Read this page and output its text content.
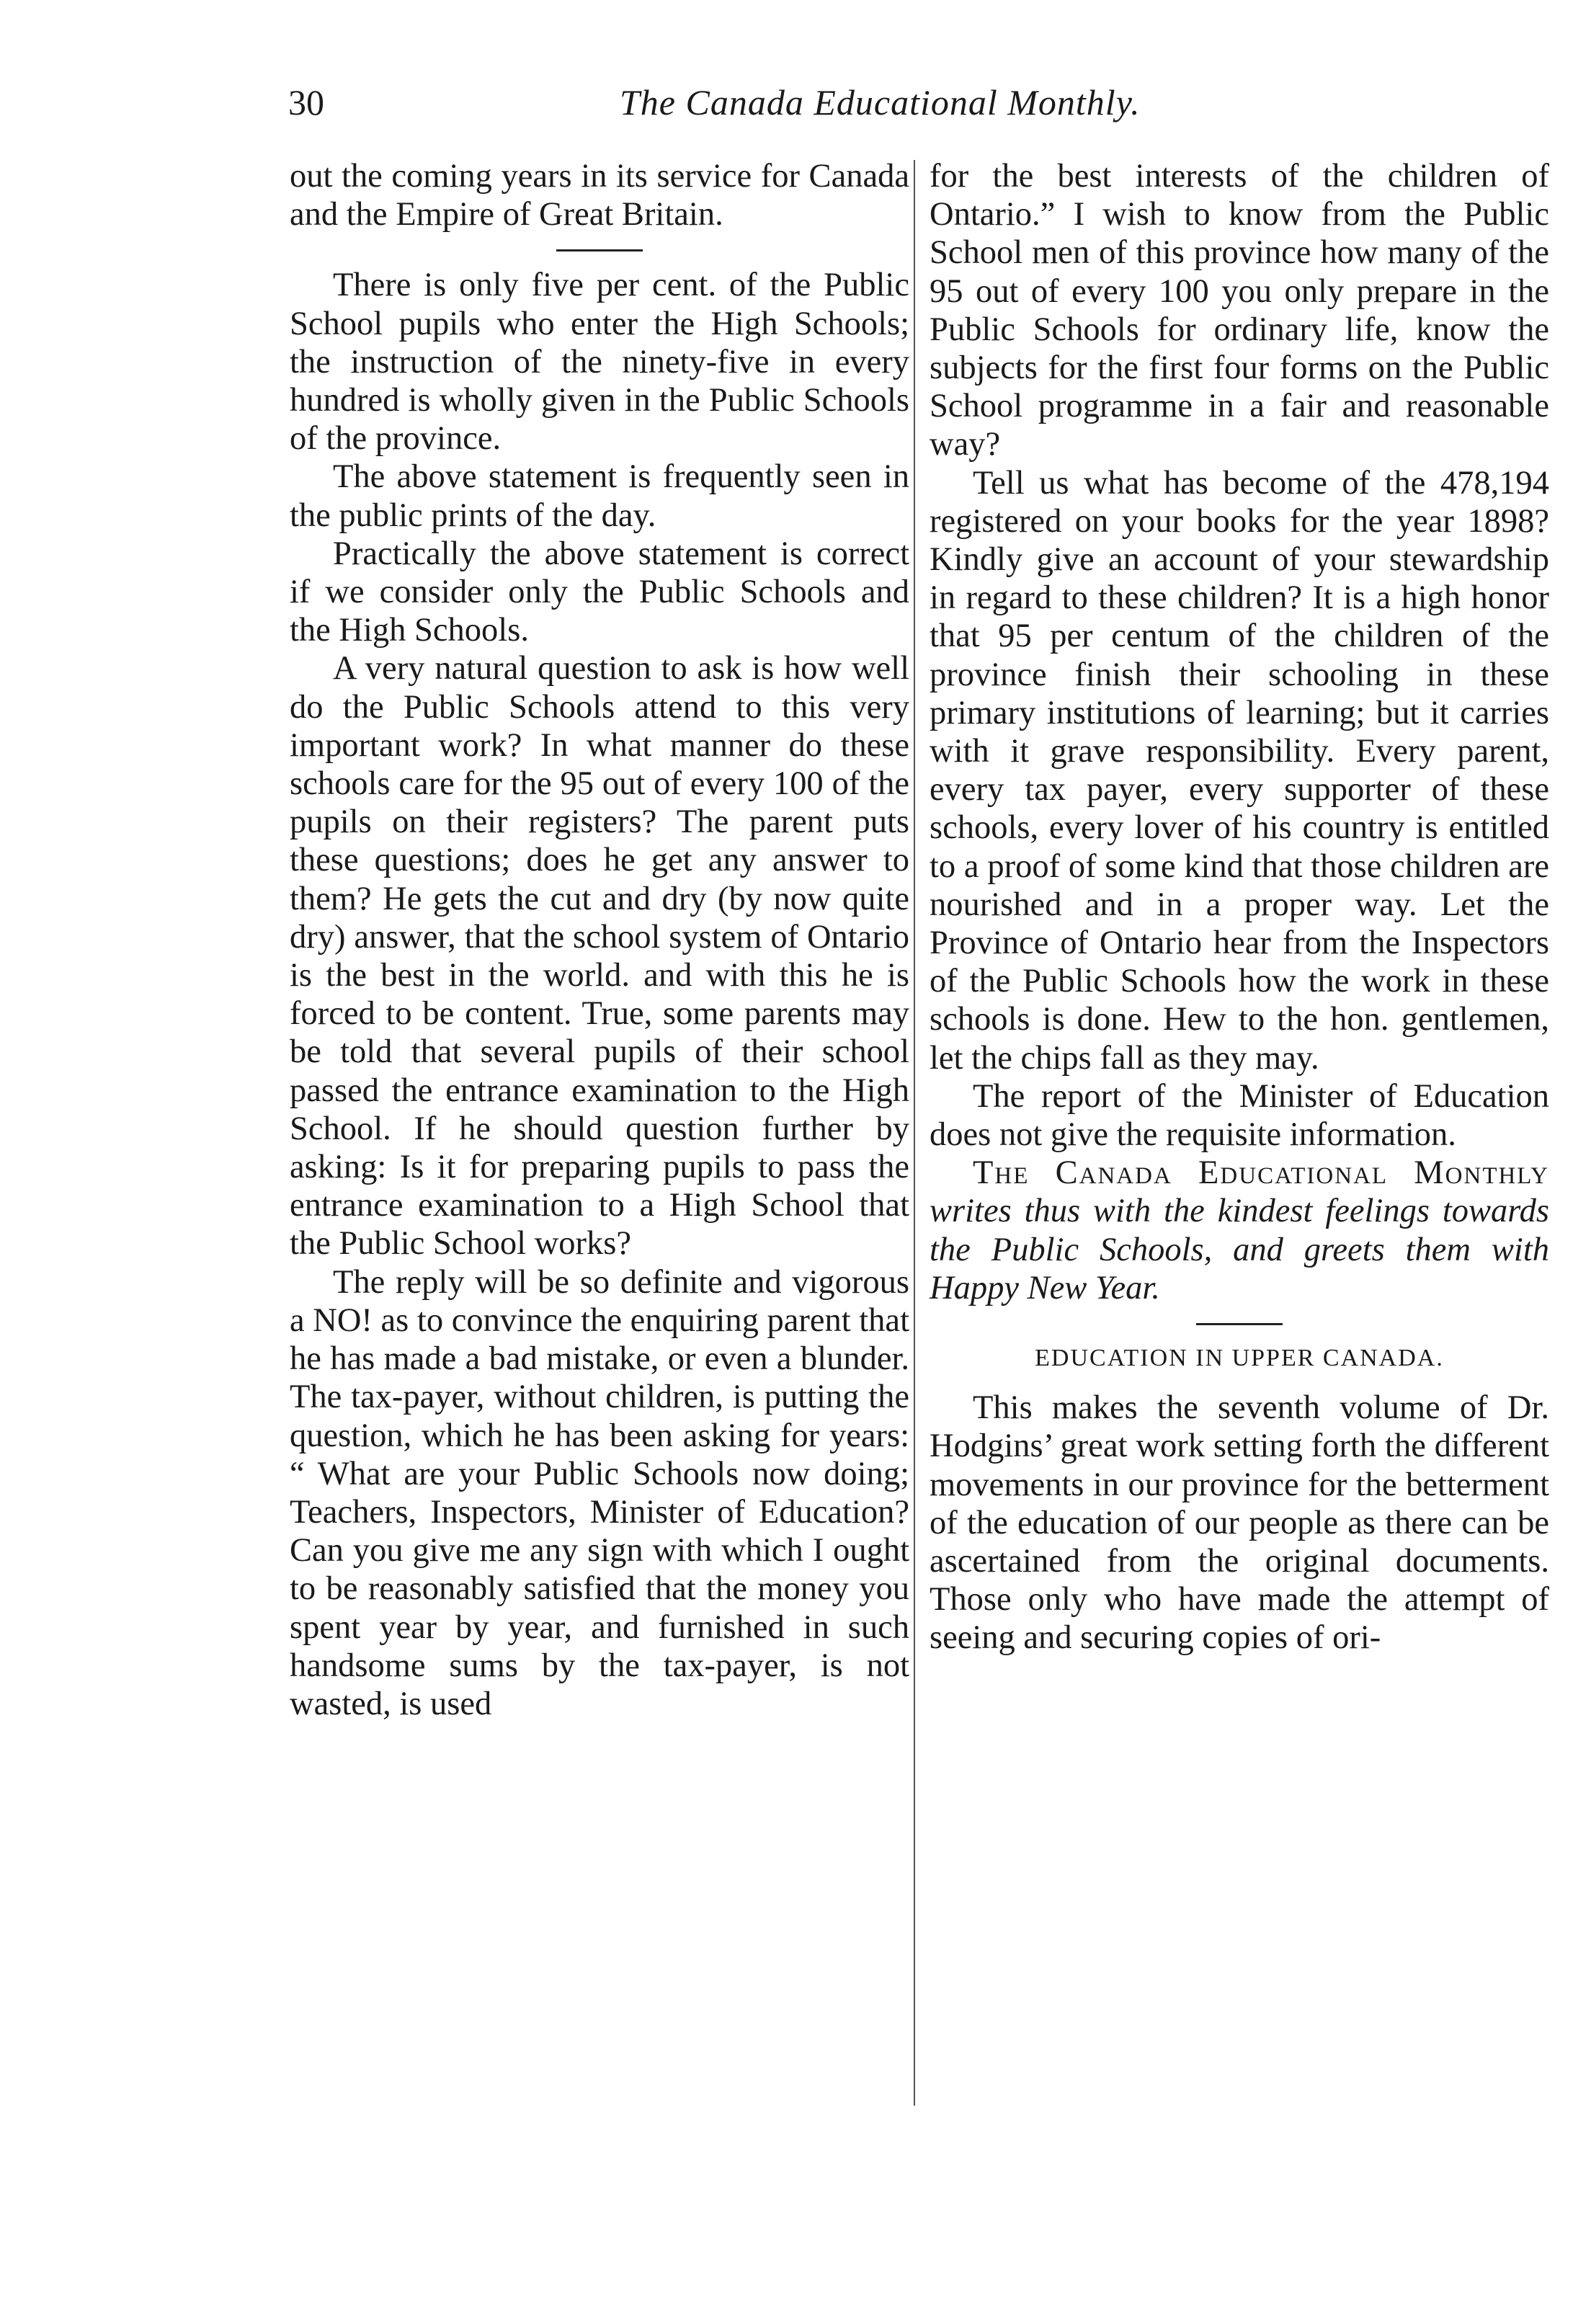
30	The Canada Educational Monthly.

out the coming years in its service for Canada and the Empire of Great Britain.

There is only five per cent. of the Public School pupils who enter the High Schools; the instruction of the ninety-five in every hundred is wholly given in the Public Schools of the province.

The above statement is frequently seen in the public prints of the day.

Practically the above statement is correct if we consider only the Public Schools and the High Schools.

A very natural question to ask is how well do the Public Schools attend to this very important work? In what manner do these schools care for the 95 out of every 100 of the pupils on their registers? The parent puts these questions; does he get any answer to them? He gets the cut and dry (by now quite dry) answer, that the school system of Ontario is the best in the world. and with this he is forced to be content. True, some parents may be told that several pupils of their school passed the entrance examination to the High School. If he should question further by asking: Is it for preparing pupils to pass the entrance examination to a High School that the Public School works?

The reply will be so definite and vigorous a NO! as to convince the enquiring parent that he has made a bad mistake, or even a blunder. The tax-payer, without children, is putting the question, which he has been asking for years: “ What are your Public Schools now doing; Teachers, Inspectors, Minister of Education? Can you give me any sign with which I ought to be reasonably satisfied that the money you spent year by year, and furnished in such handsome sums by the tax-payer, is not wasted, is used

for the best interests of the children of Ontario.” I wish to know from the Public School men of this province how many of the 95 out of every 100 you only prepare in the Public Schools for ordinary life, know the subjects for the first four forms on the Public School programme in a fair and reasonable way?

Tell us what has become of the 478,194 registered on your books for the year 1898? Kindly give an account of your stewardship in regard to these children? It is a high honor that 95 per centum of the children of the province finish their schooling in these primary institutions of learning; but it carries with it grave responsibility. Every parent, every tax payer, every supporter of these schools, every lover of his country is entitled to a proof of some kind that those children are nourished and in a proper way. Let the Province of Ontario hear from the Inspectors of the Public Schools how the work in these schools is done. Hew to the hon. gentlemen, let the chips fall as they may.

The report of the Minister of Education does not give the requisite information.

The Canada Educational Monthly writes thus with the kindest feelings towards the Public Schools, and greets them with Happy New Year.

EDUCATION IN UPPER CANADA.

This makes the seventh volume of Dr. Hodgins’ great work setting forth the different movements in our province for the betterment of the education of our people as there can be ascertained from the original documents. Those only who have made the attempt of seeing and securing copies of ori-
